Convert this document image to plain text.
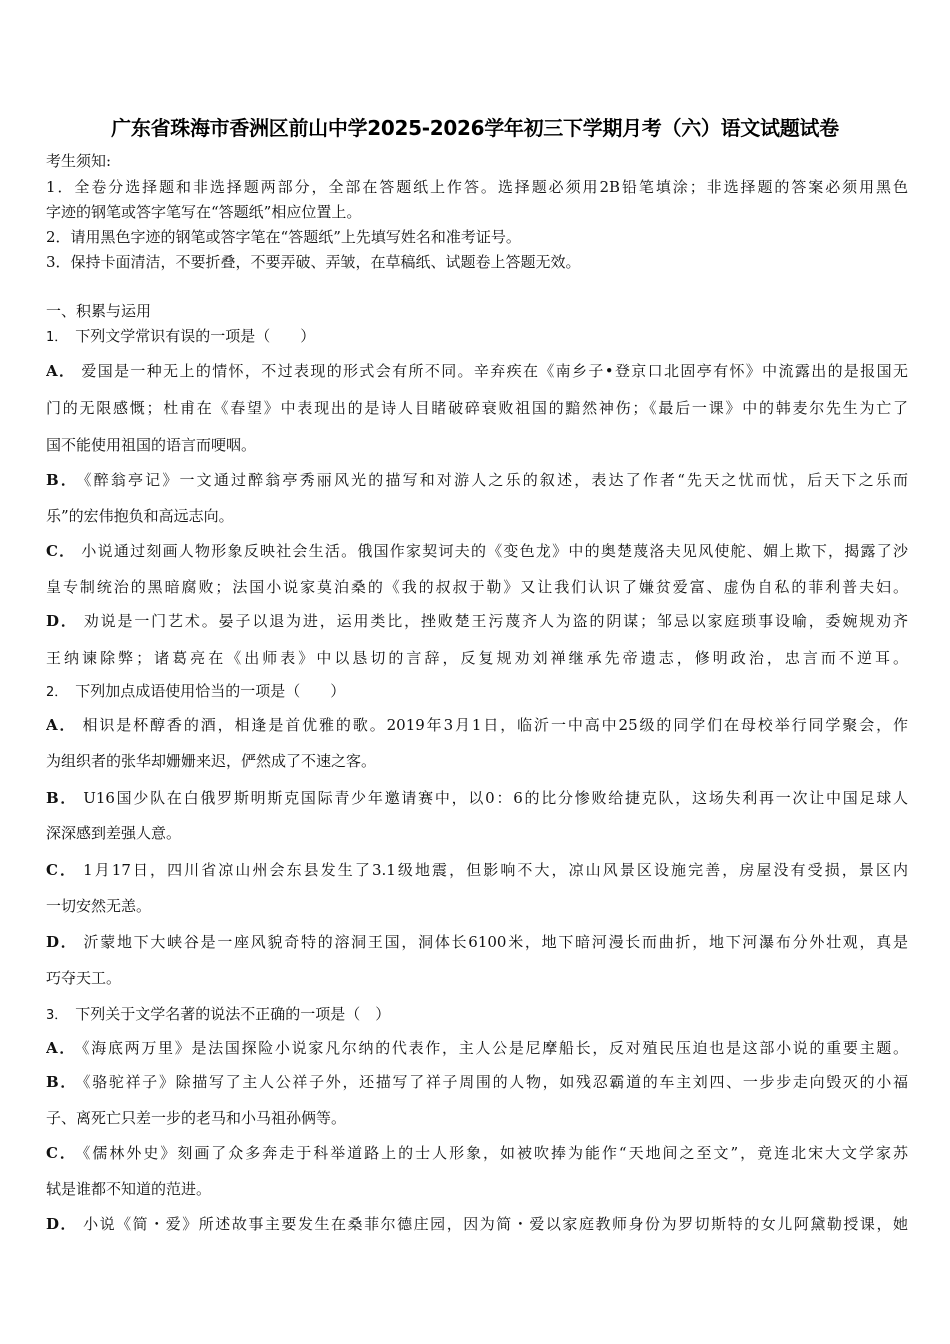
广东省珠海市香洲区前山中学2025-2026学年初三下学期月考（六）语文试题试卷
考生须知:
1．全卷分选择题和非选择题两部分，全部在答题纸上作答。选择题必须用2B铅笔填涂；非选择题的答案必须用黑色
字迹的钢笔或答字笔写在“答题纸”相应位置上。
2．请用黑色字迹的钢笔或答字笔在“答题纸”上先填写姓名和准考证号。
3．保持卡面清洁，不要折叠，不要弄破、弄皱，在草稿纸、试题卷上答题无效。
一、积累与运用
1． 下列文学常识有误的一项是（　　）
A． 爱国是一种无上的情怀，不过表现的形式会有所不同。辛弃疾在《南乡子•登京口北固亭有怀》中流露出的是报国无
门的无限感慨；杜甫在《春望》中表现出的是诗人目睹破碎衰败祖国的黯然神伤；《最后一课》中的韩麦尔先生为亡了
国不能使用祖国的语言而哽咽。
B． 《醉翁亭记》一文通过醉翁亭秀丽风光的描写和对游人之乐的叙述，表达了作者“先天之忧而忧，后天下之乐而
乐”的宏伟抱负和高远志向。
C． 小说通过刻画人物形象反映社会生活。俄国作家契诃夫的《变色龙》中的奥楚蔑洛夫见风使舵、媚上欺下，揭露了沙
皇专制统治的黑暗腐败；法国小说家莫泊桑的《我的叔叔于勒》又让我们认识了嫌贫爱富、虚伪自私的菲利普夫妇。
D． 劝说是一门艺术。晏子以退为进，运用类比，挫败楚王污蔑齐人为盗的阴谋；邹忌以家庭琐事设喻，委婉规劝齐
王纳谏除弊；诸葛亮在《出师表》中以恳切的言辞，反复规劝刘禅继承先帝遗志，修明政治，忠言而不逆耳。
2． 下列加点成语使用恰当的一项是（　　）
A． 相识是杯醇香的酒，相逢是首优雅的歌。2019年3月1日，临沂一中高中25级的同学们在母校举行同学聚会，作
为组织者的张华却姗姗来迟，俨然成了不速之客。
B． U16国少队在白俄罗斯明斯克国际青少年邀请赛中，以0：6的比分惨败给捷克队，这场失利再一次让中国足球人
深深感到差强人意。
C． 1月17日，四川省凉山州会东县发生了3.1级地震，但影响不大，凉山风景区设施完善，房屋没有受损，景区内
一切安然无恙。
D． 沂蒙地下大峡谷是一座风貌奇特的溶洞王国，洞体长6100米，地下暗河漫长而曲折，地下河瀑布分外壮观，真是
巧夺天工。
3． 下列关于文学名著的说法不正确的一项是（　）
A． 《海底两万里》是法国探险小说家凡尔纳的代表作，主人公是尼摩船长，反对殖民压迫也是这部小说的重要主题。
B． 《骆驼祥子》除描写了主人公祥子外，还描写了祥子周围的人物，如残忍霸道的车主刘四、一步步走向毁灭的小福
子、离死亡只差一步的老马和小马祖孙俩等。
C． 《儒林外史》刻画了众多奔走于科举道路上的士人形象，如被吹捧为能作“天地间之至文”，竟连北宋大文学家苏
轼是谁都不知道的范进。
D． 小说《简・爱》所述故事主要发生在桑菲尔德庄园，因为简・爱以家庭教师身份为罗切斯特的女儿阿黛勒授课，她
